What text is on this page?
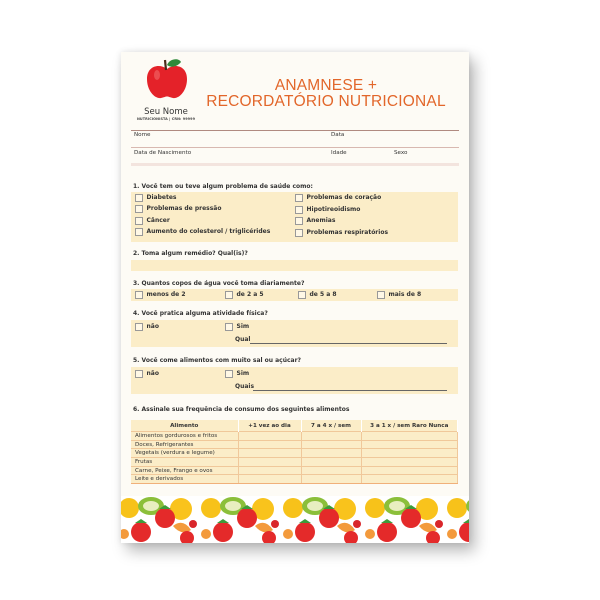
Seu Nome
NUTRICIONISTA | CRN: 99999
ANAMNESE +
RECORDATÓRIO NUTRICIONAL
Nome	Data
Data de Nascimento	Idade	Sexo
1. Você tem ou teve algum problema de saúde como:
Diabetes
Problemas de pressão
Câncer
Aumento do colesterol / triglicérides
Problemas de coração
Hipotireoidismo
Anemias
Problemas respiratórios
2. Toma algum remédio? Qual(is)?
3. Quantos copos de água você toma diariamente?
menos de 2	de 2 a 5	de 5 a 8	mais de 8
4. Você pratica alguma atividade física?
não	Sim
Qual
5. Você come alimentos com muito sal ou açúcar?
não	Sim
Quais
6. Assinale sua frequência de consumo dos seguintes alimentos
Alimento	+1 vez ao dia	7 a 4 x / sem	3 a 1 x / sem Raro Nunca
Alimentos gordurosos e fritos			
Doces, Refrigerantes			
Vegetais (verdura e legume)			
Frutas			
Carne, Peixe, Frango e ovos			
Leite e derivados			
